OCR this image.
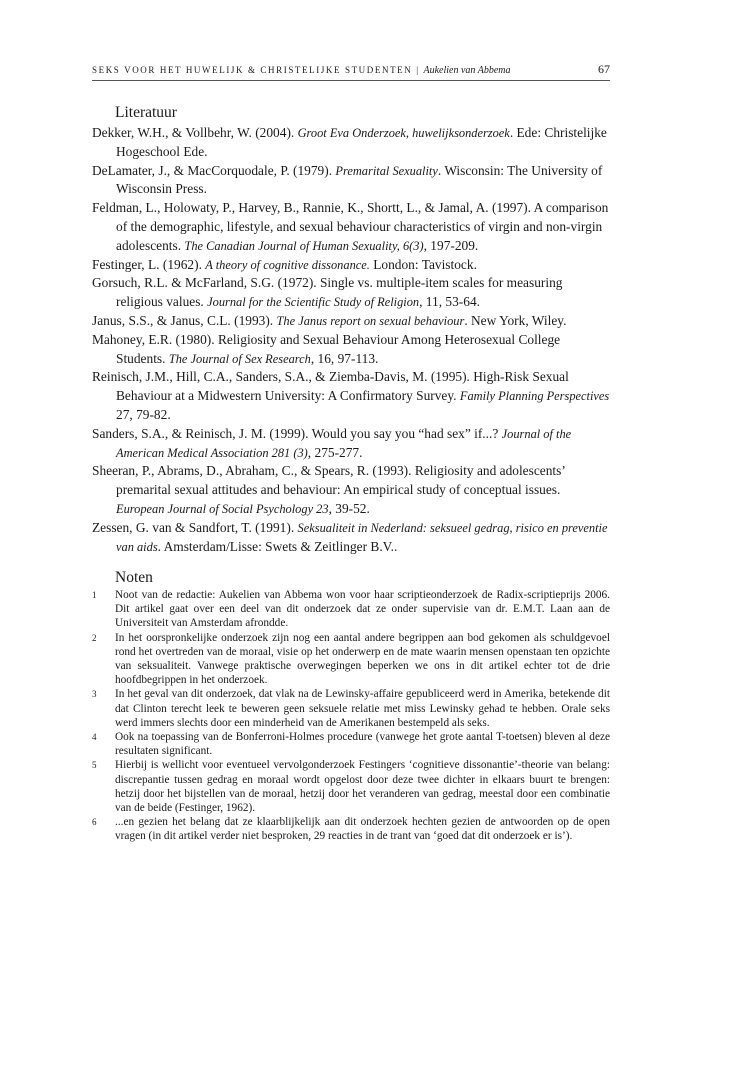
SEKS VOOR HET HUWELIJK & CHRISTELIJKE STUDENTEN | Aukelien van Abbema	67
Literatuur
Dekker, W.H., & Vollbehr, W. (2004). Groot Eva Onderzoek, huwelijksonderzoek. Ede: Christelijke Hogeschool Ede.
DeLamater, J., & MacCorquodale, P. (1979). Premarital Sexuality. Wisconsin: The University of Wisconsin Press.
Feldman, L., Holowaty, P., Harvey, B., Rannie, K., Shortt, L., & Jamal, A. (1997). A comparison of the demographic, lifestyle, and sexual behaviour characteristics of virgin and non-virgin adolescents. The Canadian Journal of Human Sexuality, 6(3), 197-209.
Festinger, L. (1962). A theory of cognitive dissonance. London: Tavistock.
Gorsuch, R.L. & McFarland, S.G. (1972). Single vs. multiple-item scales for measuring religious values. Journal for the Scientific Study of Religion, 11, 53-64.
Janus, S.S., & Janus, C.L. (1993). The Janus report on sexual behaviour. New York, Wiley.
Mahoney, E.R. (1980). Religiosity and Sexual Behaviour Among Heterosexual College Students. The Journal of Sex Research, 16, 97-113.
Reinisch, J.M., Hill, C.A., Sanders, S.A., & Ziemba-Davis, M. (1995). High-Risk Sexual Behaviour at a Midwestern University: A Confirmatory Survey. Family Planning Perspectives 27, 79-82.
Sanders, S.A., & Reinisch, J. M. (1999). Would you say you “had sex” if...? Journal of the American Medical Association 281 (3), 275-277.
Sheeran, P., Abrams, D., Abraham, C., & Spears, R. (1993). Religiosity and adolescents’ premarital sexual attitudes and behaviour: An empirical study of conceptual issues. European Journal of Social Psychology 23, 39-52.
Zessen, G. van & Sandfort, T. (1991). Seksualiteit in Nederland: seksueel gedrag, risico en preventie van aids. Amsterdam/Lisse: Swets & Zeitlinger B.V..
Noten
1 Noot van de redactie: Aukelien van Abbema won voor haar scriptieonderzoek de Radix-scriptieprijs 2006. Dit artikel gaat over een deel van dit onderzoek dat ze onder supervisie van dr. E.M.T. Laan aan de Universiteit van Amsterdam afrondde.
2 In het oorspronkelijke onderzoek zijn nog een aantal andere begrippen aan bod gekomen als schuldgevoel rond het overtreden van de moraal, visie op het onderwerp en de mate waarin mensen openstaan ten opzichte van seksualiteit. Vanwege praktische overwegingen beperken we ons in dit artikel echter tot de drie hoofdbegrippen in het onderzoek.
3 In het geval van dit onderzoek, dat vlak na de Lewinsky-affaire gepubliceerd werd in Amerika, betekende dit dat Clinton terecht leek te beweren geen seksuele relatie met miss Lewinsky gehad te hebben. Orale seks werd immers slechts door een minderheid van de Amerikanen bestempeld als seks.
4 Ook na toepassing van de Bonferroni-Holmes procedure (vanwege het grote aantal T-toetsen) bleven al deze resultaten significant.
5 Hierbij is wellicht voor eventueel vervolgonderzoek Festingers ‘cognitieve dissonantie’-theorie van belang: discrepantie tussen gedrag en moraal wordt opgelost door deze twee dichter in elkaars buurt te brengen: hetzij door het bijstellen van de moraal, hetzij door het veranderen van gedrag, meestal door een combinatie van de beide (Festinger, 1962).
6 ...en gezien het belang dat ze klaarblijkelijk aan dit onderzoek hechten gezien de antwoorden op de open vragen (in dit artikel verder niet besproken, 29 reacties in de trant van ‘goed dat dit onderzoek er is’).
